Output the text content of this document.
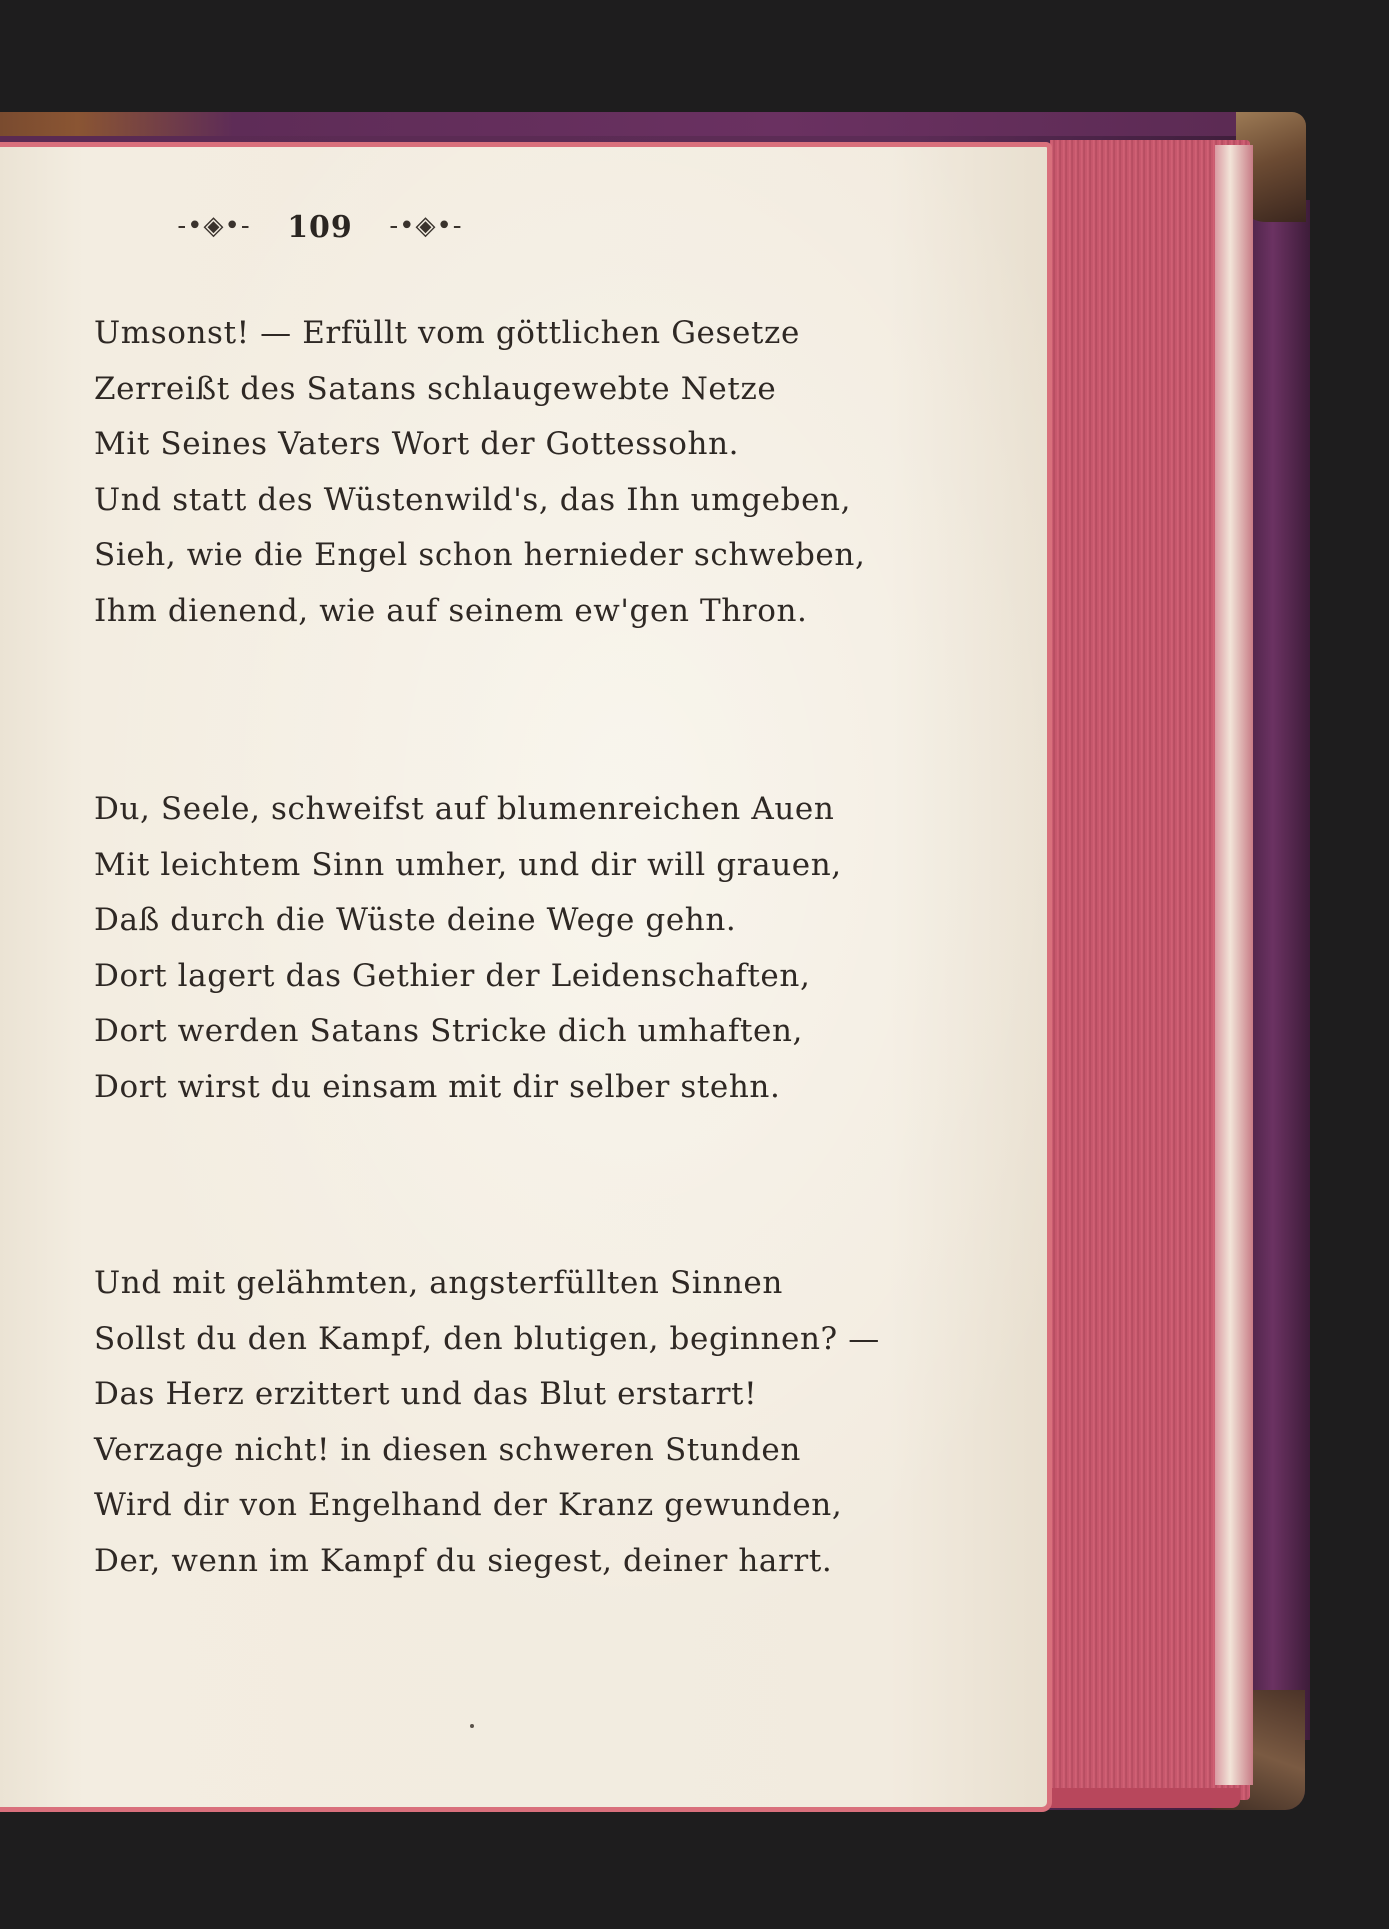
-•◈•- 109 -•◈•-
Umsonst! — Erfüllt vom göttlichen Gesetze
Zerreißt des Satans schlaugewebte Netze
Mit Seines Vaters Wort der Gottessohn.
Und statt des Wüstenwild's, das Ihn umgeben,
Sieh, wie die Engel schon hernieder schweben,
Ihm dienend, wie auf seinem ew'gen Thron.
Du, Seele, schweifst auf blumenreichen Auen
Mit leichtem Sinn umher, und dir will grauen,
Daß durch die Wüste deine Wege gehn.
Dort lagert das Gethier der Leidenschaften,
Dort werden Satans Stricke dich umhaften,
Dort wirst du einsam mit dir selber stehn.
Und mit gelähmten, angsterfüllten Sinnen
Sollst du den Kampf, den blutigen, beginnen? —
Das Herz erzittert und das Blut erstarrt!
Verzage nicht! in diesen schweren Stunden
Wird dir von Engelhand der Kranz gewunden,
Der, wenn im Kampf du siegest, deiner harrt.
